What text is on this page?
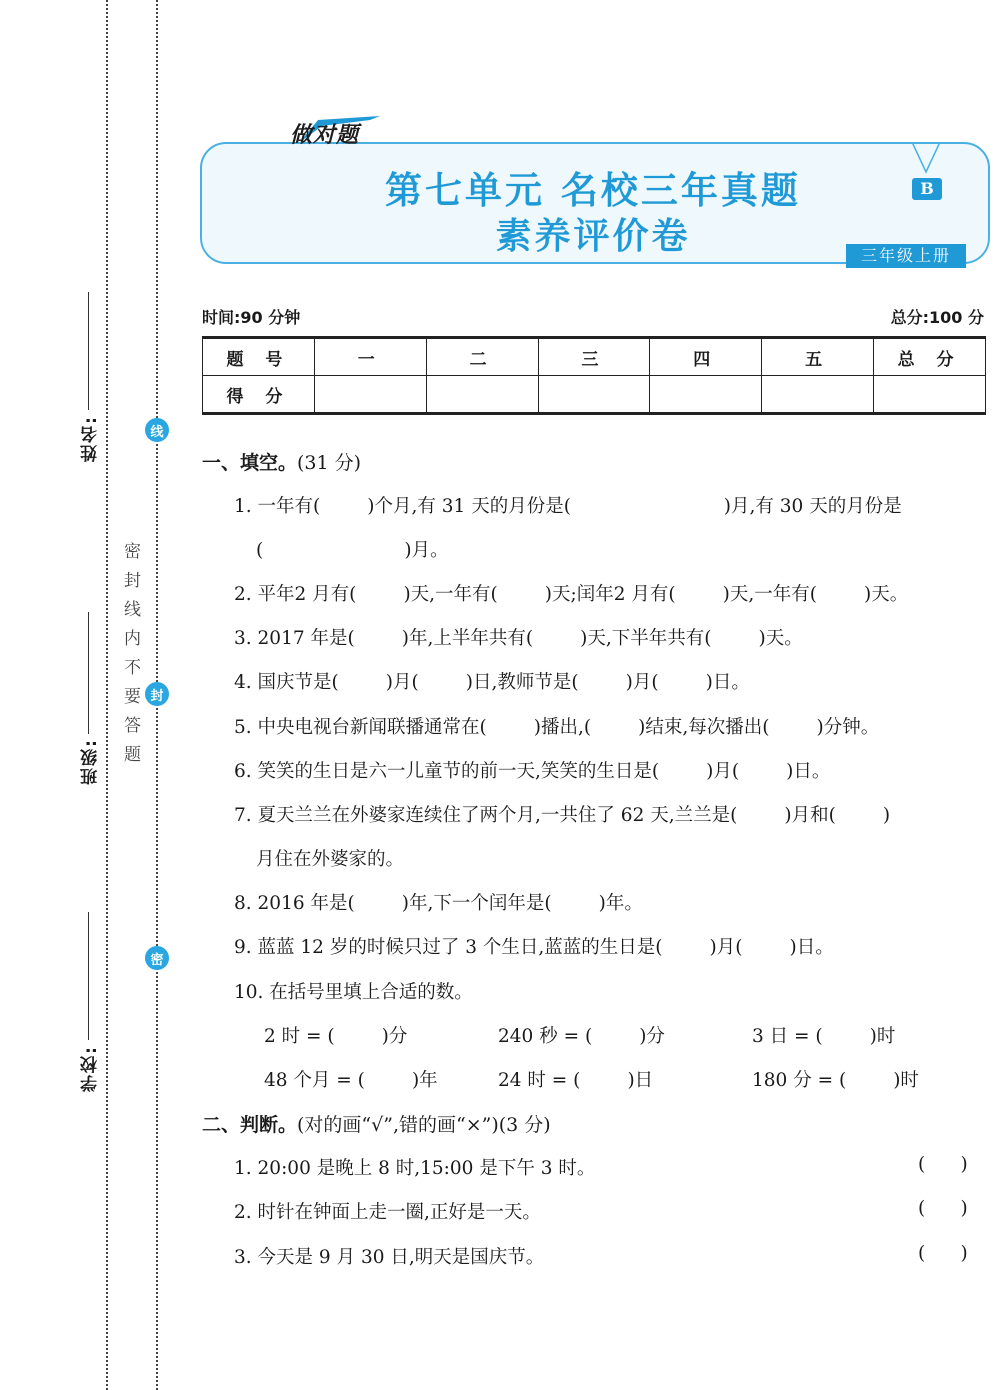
姓名:
班级:
学校:
线
封
密
密封线内不要答题
做对题
第七单元 名校三年真题
素养评价卷
B
三年级上册
时间:90 分钟	总分:100 分
题 号	一	二	三	四	五	总 分
得 分						
一、填空。(31 分)
1. 一年有(        )个月,有 31 天的月份是(                          )月,有 30 天的月份是
(                        )月。
2. 平年2 月有(        )天,一年有(        )天;闰年2 月有(        )天,一年有(        )天。
3. 2017 年是(        )年,上半年共有(        )天,下半年共有(        )天。
4. 国庆节是(        )月(        )日,教师节是(        )月(        )日。
5. 中央电视台新闻联播通常在(        )播出,(        )结束,每次播出(        )分钟。
6. 笑笑的生日是六一儿童节的前一天,笑笑的生日是(        )月(        )日。
7. 夏天兰兰在外婆家连续住了两个月,一共住了 62 天,兰兰是(        )月和(        )
月住在外婆家的。
8. 2016 年是(        )年,下一个闰年是(        )年。
9. 蓝蓝 12 岁的时候只过了 3 个生日,蓝蓝的生日是(        )月(        )日。
10. 在括号里填上合适的数。
2 时 = (        )分	240 秒 = (        )分	3 日 = (        )时
48 个月 = (        )年	24 时 = (        )日	180 分 = (        )时
二、判断。(对的画“√”,错的画“×”)(3 分)
1. 20:00 是晚上 8 时,15:00 是下午 3 时。	(      )
2. 时针在钟面上走一圈,正好是一天。	(      )
3. 今天是 9 月 30 日,明天是国庆节。	(      )
